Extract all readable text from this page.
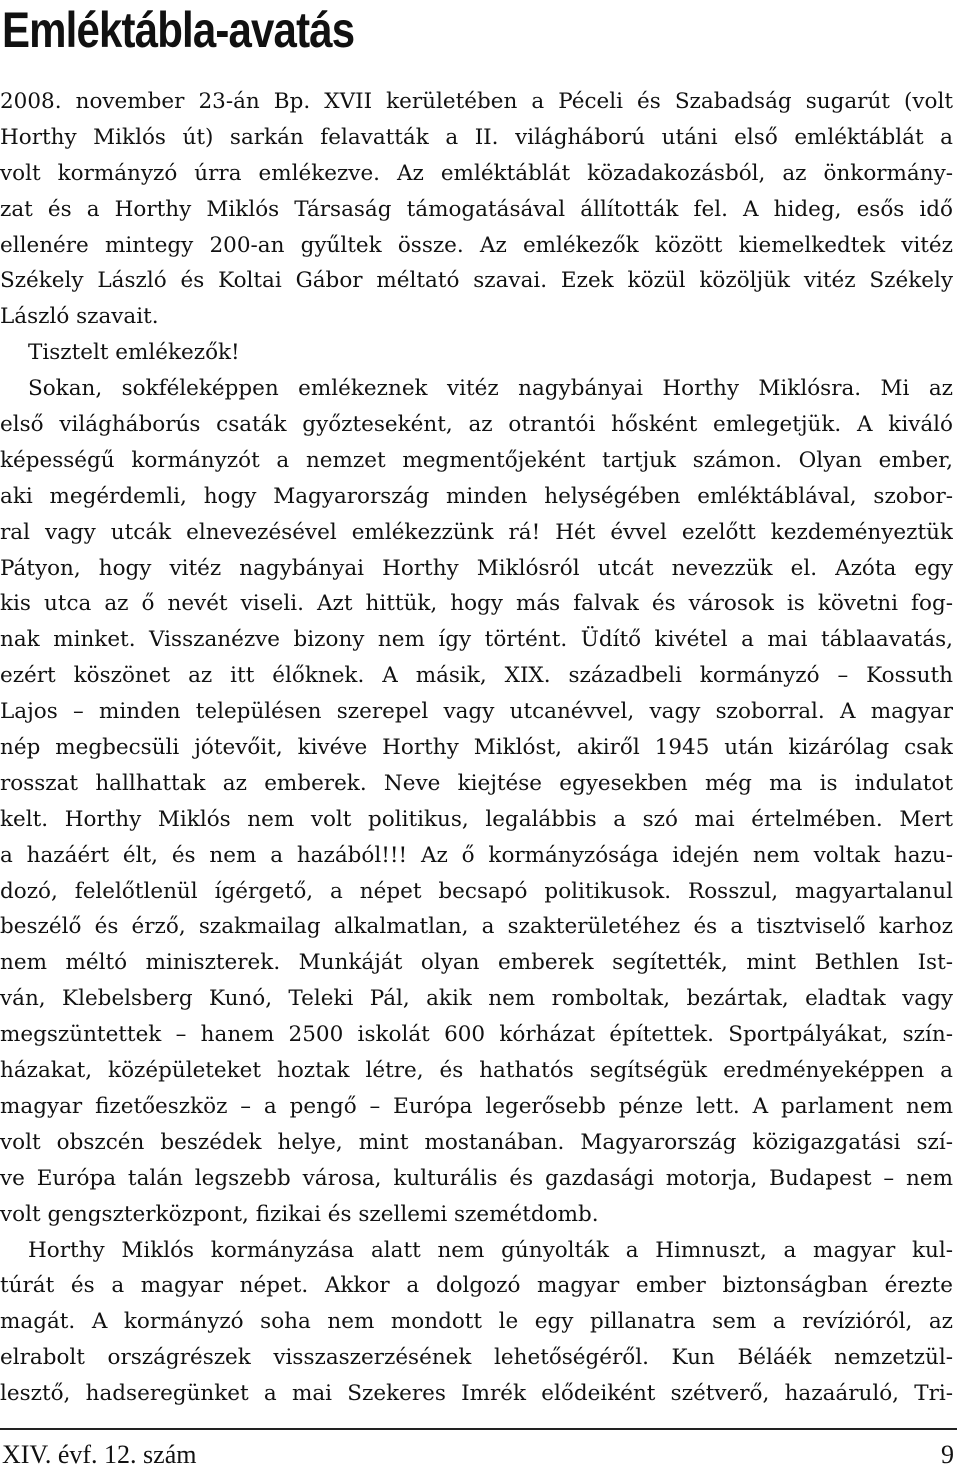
Emléktábla-avatás
2008. november 23-án Bp. XVII kerületében a Péceli és Szabadság sugarút (volt
Horthy Miklós út) sarkán felavatták a II. világháború utáni első emléktáblát a
volt kormányzó úrra emlékezve. Az emléktáblát közadakozásból, az önkormány-
zat és a Horthy Miklós Társaság támogatásával állították fel. A hideg, esős idő
ellenére mintegy 200-an gyűltek össze. Az emlékezők között kiemelkedtek vitéz
Székely László és Koltai Gábor méltató szavai. Ezek közül közöljük vitéz Székely
László szavait.
Tisztelt emlékezők!
Sokan, sokféleképpen emlékeznek vitéz nagybányai Horthy Miklósra. Mi az
első világháborús csaták győzteseként, az otrantói hősként emlegetjük. A kiváló
képességű kormányzót a nemzet megmentőjeként tartjuk számon. Olyan ember,
aki megérdemli, hogy Magyarország minden helységében emléktáblával, szobor-
ral vagy utcák elnevezésével emlékezzünk rá! Hét évvel ezelőtt kezdeményeztük
Pátyon, hogy vitéz nagybányai Horthy Miklósról utcát nevezzük el. Azóta egy
kis utca az ő nevét viseli. Azt hittük, hogy más falvak és városok is követni fog-
nak minket. Visszanézve bizony nem így történt. Üdítő kivétel a mai táblaavatás,
ezért köszönet az itt élőknek. A másik, XIX. századbeli kormányzó – Kossuth
Lajos – minden településen szerepel vagy utcanévvel, vagy szoborral. A magyar
nép megbecsüli jótevőit, kivéve Horthy Miklóst, akiről 1945 után kizárólag csak
rosszat hallhattak az emberek. Neve kiejtése egyesekben még ma is indulatot
kelt. Horthy Miklós nem volt politikus, legalábbis a szó mai értelmében. Mert
a hazáért élt, és nem a hazából!!! Az ő kormányzósága idején nem voltak hazu-
dozó, felelőtlenül ígérgető, a népet becsapó politikusok. Rosszul, magyartalanul
beszélő és érző, szakmailag alkalmatlan, a szakterületéhez és a tisztviselő karhoz
nem méltó miniszterek. Munkáját olyan emberek segítették, mint Bethlen Ist-
ván, Klebelsberg Kunó, Teleki Pál, akik nem romboltak, bezártak, eladtak vagy
megszüntettek – hanem 2500 iskolát 600 kórházat építettek. Sportpályákat, szín-
házakat, középületeket hoztak létre, és hathatós segítségük eredményeképpen a
magyar fizetőeszköz – a pengő – Európa legerősebb pénze lett. A parlament nem
volt obszcén beszédek helye, mint mostanában. Magyarország közigazgatási szí-
ve Európa talán legszebb városa, kulturális és gazdasági motorja, Budapest – nem
volt gengszterközpont, fizikai és szellemi szemétdomb.
Horthy Miklós kormányzása alatt nem gúnyolták a Himnuszt, a magyar kul-
túrát és a magyar népet. Akkor a dolgozó magyar ember biztonságban érezte
magát. A kormányzó soha nem mondott le egy pillanatra sem a revízióról, az
elrabolt országrészek visszaszerzésének lehetőségéről. Kun Béláék nemzetzül-
lesztő, hadseregünket a mai Szekeres Imrék elődeiként szétverő, hazaáruló, Tri-
XIV. évf. 12. szám	9
